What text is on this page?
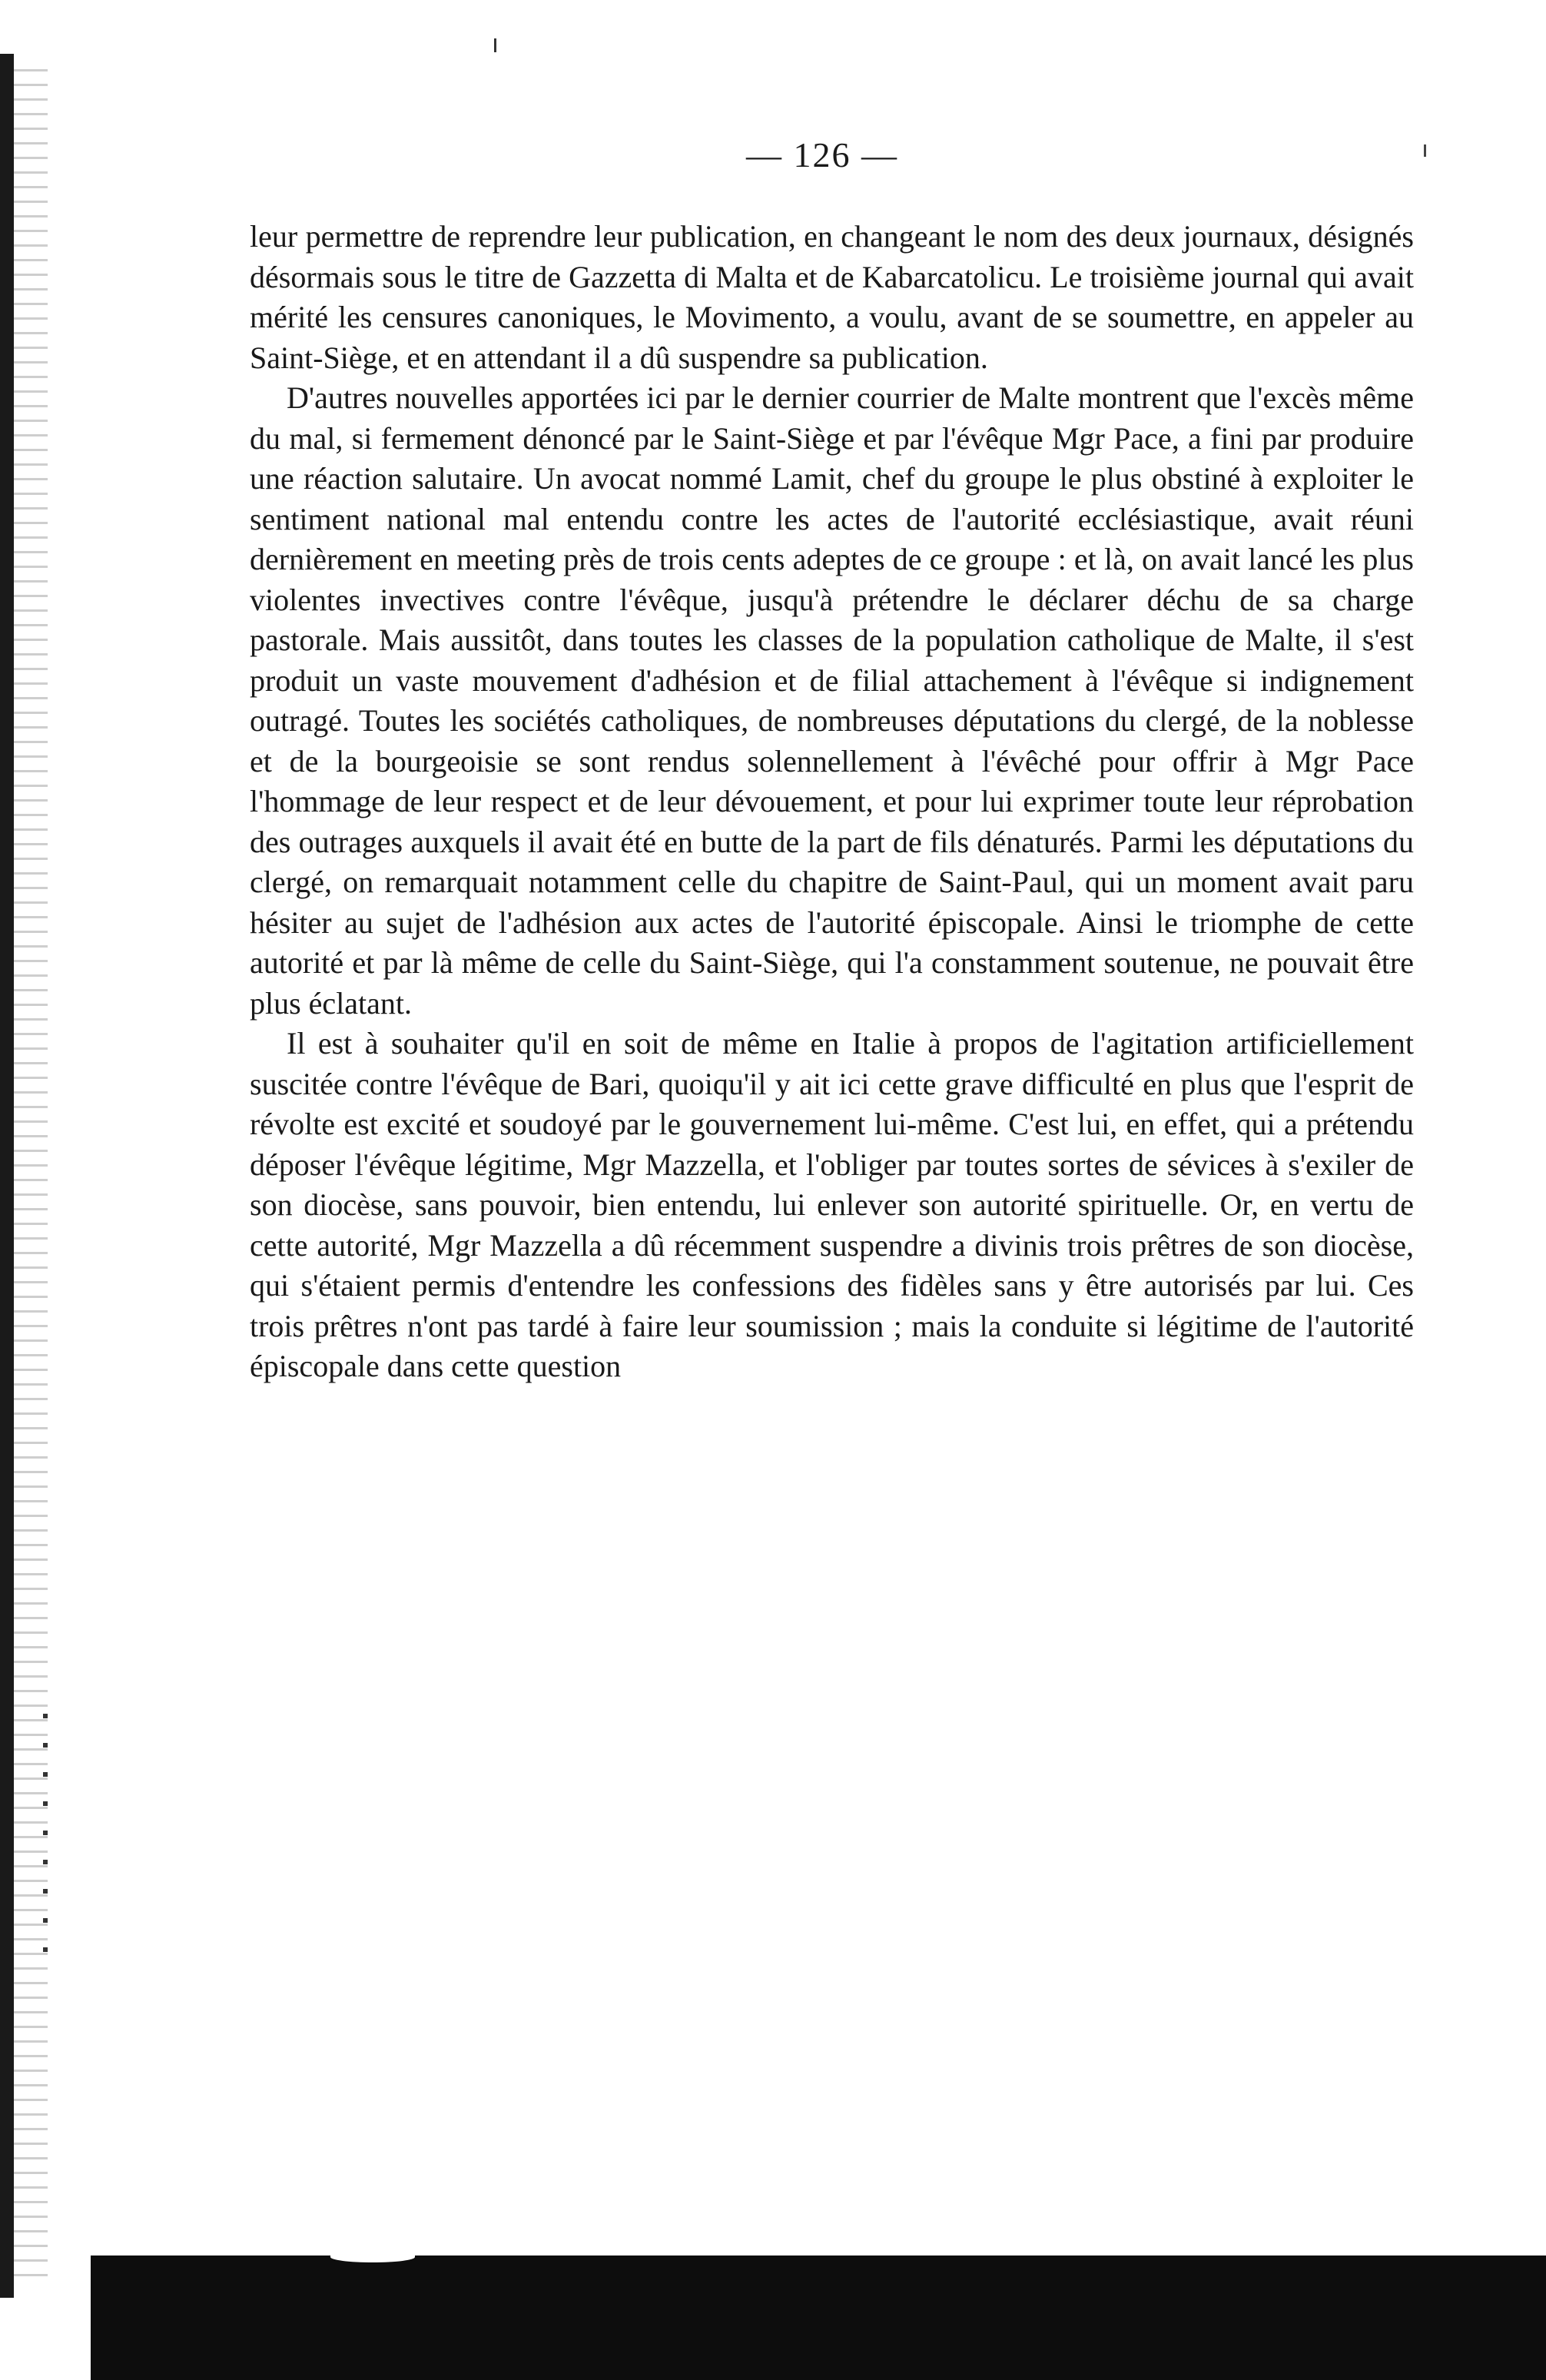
— 126 —

leur permettre de reprendre leur publication, en changeant le nom des deux journaux, désignés désormais sous le titre de Gazzetta di Malta et de Kabarcatolicu. Le troisième journal qui avait mérité les censures canoniques, le Movimento, a voulu, avant de se soumettre, en appeler au Saint-Siège, et en attendant il a dû suspendre sa publication.

D'autres nouvelles apportées ici par le dernier courrier de Malte montrent que l'excès même du mal, si fermement dénoncé par le Saint-Siège et par l'évêque Mgr Pace, a fini par produire une réaction salutaire. Un avocat nommé Lamit, chef du groupe le plus obstiné à exploiter le sentiment national mal entendu contre les actes de l'autorité ecclésiastique, avait réuni dernièrement en meeting près de trois cents adeptes de ce groupe : et là, on avait lancé les plus violentes invectives contre l'évêque, jusqu'à prétendre le déclarer déchu de sa charge pastorale. Mais aussitôt, dans toutes les classes de la population catholique de Malte, il s'est produit un vaste mouvement d'adhésion et de filial attachement à l'évêque si indignement outragé. Toutes les sociétés catholiques, de nombreuses députations du clergé, de la noblesse et de la bourgeoisie se sont rendus solennellement à l'évêché pour offrir à Mgr Pace l'hommage de leur respect et de leur dévouement, et pour lui exprimer toute leur réprobation des outrages auxquels il avait été en butte de la part de fils dénaturés. Parmi les députations du clergé, on remarquait notamment celle du chapitre de Saint-Paul, qui un moment avait paru hésiter au sujet de l'adhésion aux actes de l'autorité épiscopale. Ainsi le triomphe de cette autorité et par là même de celle du Saint-Siège, qui l'a constamment soutenue, ne pouvait être plus éclatant.

Il est à souhaiter qu'il en soit de même en Italie à propos de l'agitation artificiellement suscitée contre l'évêque de Bari, quoiqu'il y ait ici cette grave difficulté en plus que l'esprit de révolte est excité et soudoyé par le gouvernement lui-même. C'est lui, en effet, qui a prétendu déposer l'évêque légitime, Mgr Mazzella, et l'obliger par toutes sortes de sévices à s'exiler de son diocèse, sans pouvoir, bien entendu, lui enlever son autorité spirituelle. Or, en vertu de cette autorité, Mgr Mazzella a dû récemment suspendre a divinis trois prêtres de son diocèse, qui s'étaient permis d'entendre les confessions des fidèles sans y être autorisés par lui. Ces trois prêtres n'ont pas tardé à faire leur soumission ; mais la conduite si légitime de l'autorité épiscopale dans cette question
